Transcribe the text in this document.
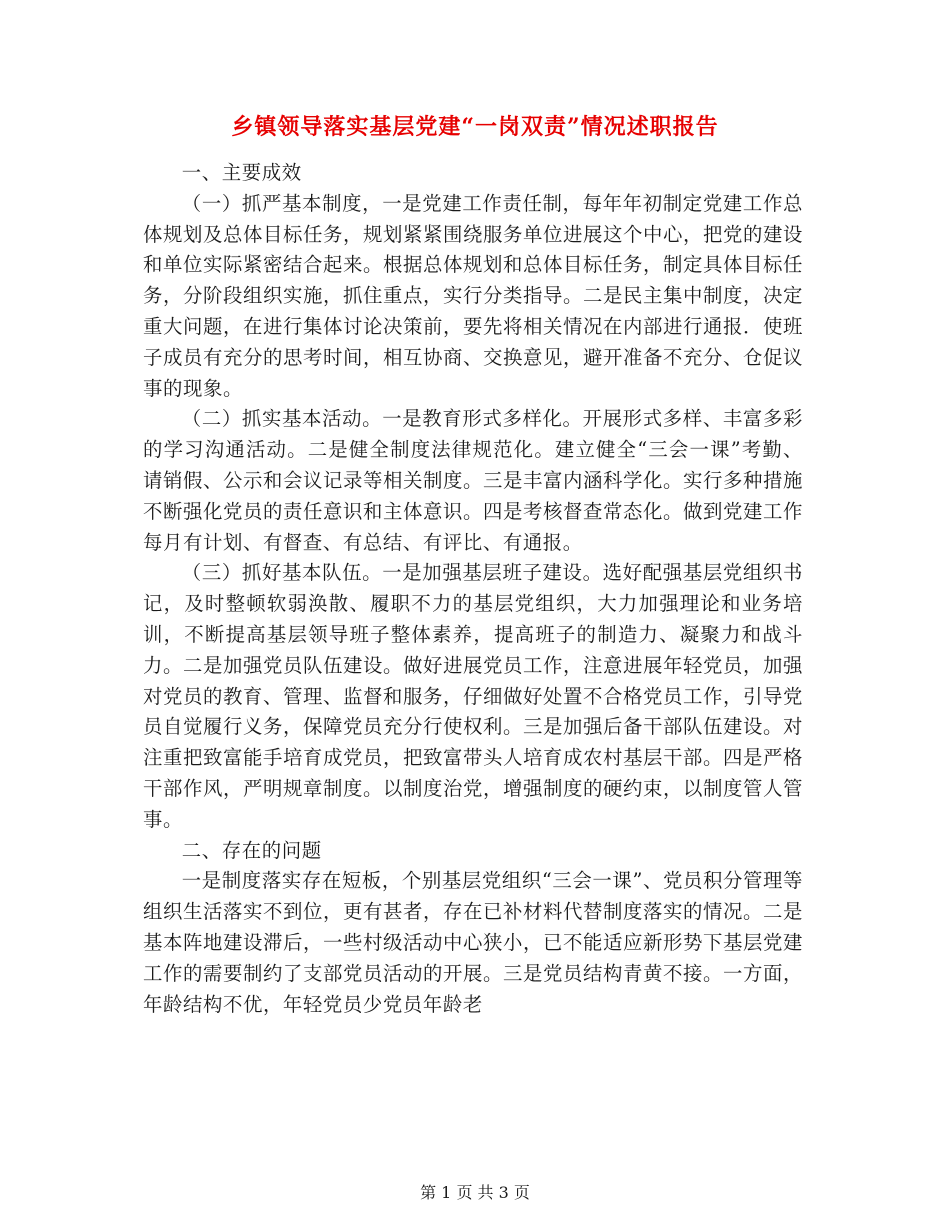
乡镇领导落实基层党建“一岗双责”情况述职报告

一、主要成效

（一）抓严基本制度，一是党建工作责任制，每年年初制定党建工作总体规划及总体目标任务，规划紧紧围绕服务单位进展这个中心，把党的建设和单位实际紧密结合起来。根据总体规划和总体目标任务，制定具体目标任务，分阶段组织实施，抓住重点，实行分类指导。二是民主集中制度，决定重大问题，在进行集体讨论决策前，要先将相关情况在内部进行通报．使班子成员有充分的思考时间，相互协商、交换意见，避开准备不充分、仓促议事的现象。

（二）抓实基本活动。一是教育形式多样化。开展形式多样、丰富多彩的学习沟通活动。二是健全制度法律规范化。建立健全“三会一课”考勤、请销假、公示和会议记录等相关制度。三是丰富内涵科学化。实行多种措施不断强化党员的责任意识和主体意识。四是考核督查常态化。做到党建工作每月有计划、有督查、有总结、有评比、有通报。

（三）抓好基本队伍。一是加强基层班子建设。选好配强基层党组织书记，及时整顿软弱涣散、履职不力的基层党组织，大力加强理论和业务培训，不断提高基层领导班子整体素养，提高班子的制造力、凝聚力和战斗力。二是加强党员队伍建设。做好进展党员工作，注意进展年轻党员，加强对党员的教育、管理、监督和服务，仔细做好处置不合格党员工作，引导党员自觉履行义务，保障党员充分行使权利。三是加强后备干部队伍建设。对注重把致富能手培育成党员，把致富带头人培育成农村基层干部。四是严格干部作风，严明规章制度。以制度治党，增强制度的硬约束，以制度管人管事。

二、存在的问题

一是制度落实存在短板，个别基层党组织“三会一课”、党员积分管理等组织生活落实不到位，更有甚者，存在已补材料代替制度落实的情况。二是基本阵地建设滞后，一些村级活动中心狭小，已不能适应新形势下基层党建工作的需要制约了支部党员活动的开展。三是党员结构青黄不接。一方面，年龄结构不优，年轻党员少党员年龄老

第 1 页 共 3 页
